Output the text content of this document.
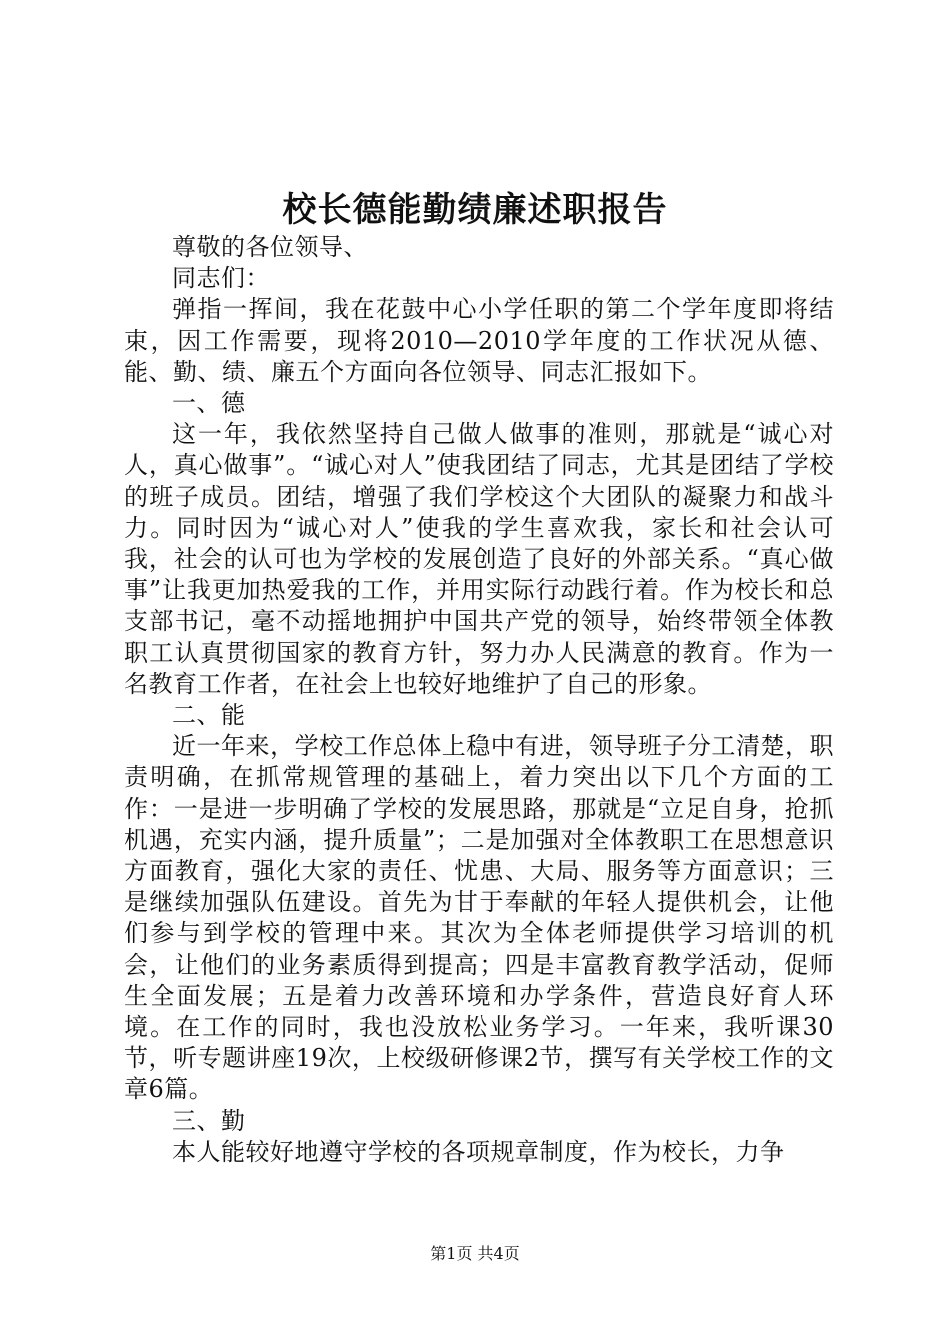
校长德能勤绩廉述职报告

尊敬的各位领导、

同志们：

弹指一挥间，我在花鼓中心小学任职的第二个学年度即将结束，因工作需要，现将2010—2010学年度的工作状况从德、能、勤、绩、廉五个方面向各位领导、同志汇报如下。

一、德

这一年，我依然坚持自己做人做事的准则，那就是“诚心对人，真心做事”。“诚心对人”使我团结了同志，尤其是团结了学校的班子成员。团结，增强了我们学校这个大团队的凝聚力和战斗力。同时因为“诚心对人”使我的学生喜欢我，家长和社会认可我，社会的认可也为学校的发展创造了良好的外部关系。“真心做事”让我更加热爱我的工作，并用实际行动践行着。作为校长和总支部书记，毫不动摇地拥护中国共产党的领导，始终带领全体教职工认真贯彻国家的教育方针，努力办人民满意的教育。作为一名教育工作者，在社会上也较好地维护了自己的形象。

二、能

近一年来，学校工作总体上稳中有进，领导班子分工清楚，职责明确，在抓常规管理的基础上，着力突出以下几个方面的工作：一是进一步明确了学校的发展思路，那就是“立足自身，抢抓机遇，充实内涵，提升质量”；二是加强对全体教职工在思想意识方面教育，强化大家的责任、忧患、大局、服务等方面意识；三是继续加强队伍建设。首先为甘于奉献的年轻人提供机会，让他们参与到学校的管理中来。其次为全体老师提供学习培训的机会，让他们的业务素质得到提高；四是丰富教育教学活动，促师生全面发展；五是着力改善环境和办学条件，营造良好育人环境。在工作的同时，我也没放松业务学习。一年来，我听课30节，听专题讲座19次，上校级研修课2节，撰写有关学校工作的文章6篇。

三、勤

本人能较好地遵守学校的各项规章制度，作为校长，力争

第1页 共4页
